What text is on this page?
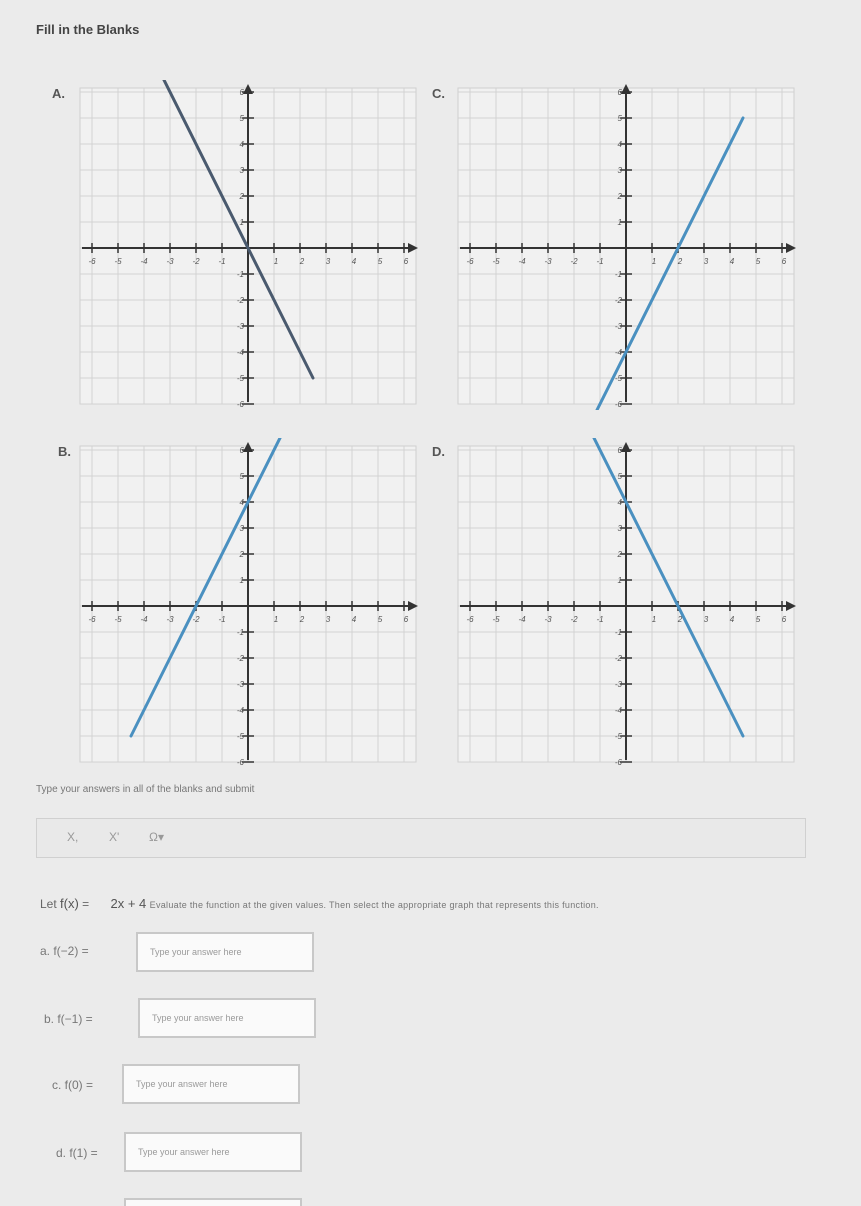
Fill in the Blanks
A.
1	2	3	4	5	6
-6 -5 -4 -3 -2 -1
1
2
3
4
5
6
-1
-2
-3
-4
-5
-6
C.
1	2	3	4	5	6
-6 -5 -4 -3 -2 -1
1
2
3
4
5
6
-1
-2
-3
-4
-5
-6
B.
1	2	3	4	5	6
-6 -5 -4 -3 -2 -1
1
2
3
4
5
6
-1
-2
-3
-4
-5
-6
D.
1	2	3	4	5	6
-6 -5 -4 -3 -2 -1
1
2
3
4
5
6
-1
-2
-3
-4
-5
-6
Type your answers in all of the blanks and submit
X,	X' Ω▾
Let f(x) = 2x + 4 Evaluate the function at the given values. Then select the appropriate graph that represents this function.
a. f(−2) =
Type your answer here
b. f(−1) =
Type your answer here
c. f(0) =
Type your answer here
d. f(1) =
Type your answer here
